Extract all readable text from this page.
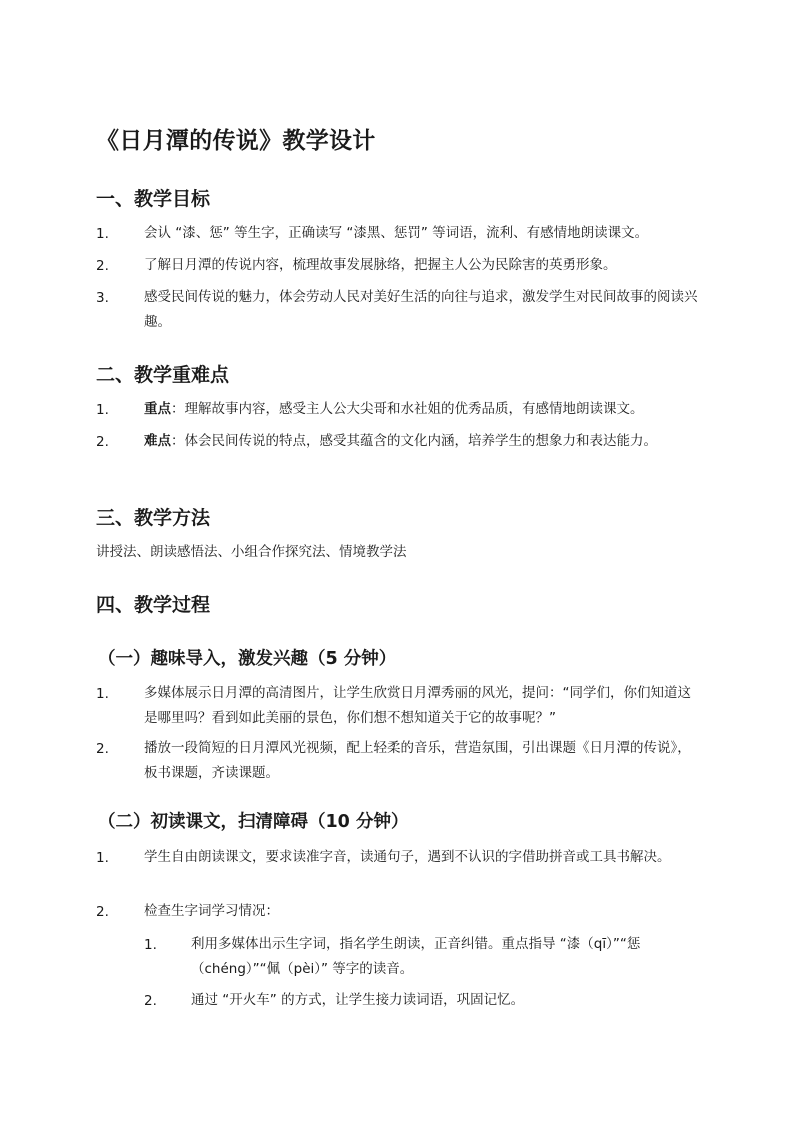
《日月潭的传说》教学设计
一、教学目标
1.	会认 “漆、惩” 等生字，正确读写 “漆黑、惩罚” 等词语，流利、有感情地朗读课文。
2.	了解日月潭的传说内容，梳理故事发展脉络，把握主人公为民除害的英勇形象。
3.	感受民间传说的魅力，体会劳动人民对美好生活的向往与追求，激发学生对民间故事的阅读兴趣。
二、教学重难点
1.	重点：理解故事内容，感受主人公大尖哥和水社姐的优秀品质，有感情地朗读课文。
2.	难点：体会民间传说的特点，感受其蕴含的文化内涵，培养学生的想象力和表达能力。
三、教学方法
讲授法、朗读感悟法、小组合作探究法、情境教学法
四、教学过程
（一）趣味导入，激发兴趣（5 分钟）
1.	多媒体展示日月潭的高清图片，让学生欣赏日月潭秀丽的风光，提问：“同学们，你们知道这是哪里吗？看到如此美丽的景色，你们想不想知道关于它的故事呢？”
2.	播放一段简短的日月潭风光视频，配上轻柔的音乐，营造氛围，引出课题《日月潭的传说》，板书课题，齐读课题。
（二）初读课文，扫清障碍（10 分钟）
1.	学生自由朗读课文，要求读准字音，读通句子，遇到不认识的字借助拼音或工具书解决。
2.	检查生字词学习情况：
1.	利用多媒体出示生字词，指名学生朗读，正音纠错。重点指导 “漆（qī）”“惩（chéng）”“佩（pèi）” 等字的读音。
2.	通过 “开火车” 的方式，让学生接力读词语，巩固记忆。
